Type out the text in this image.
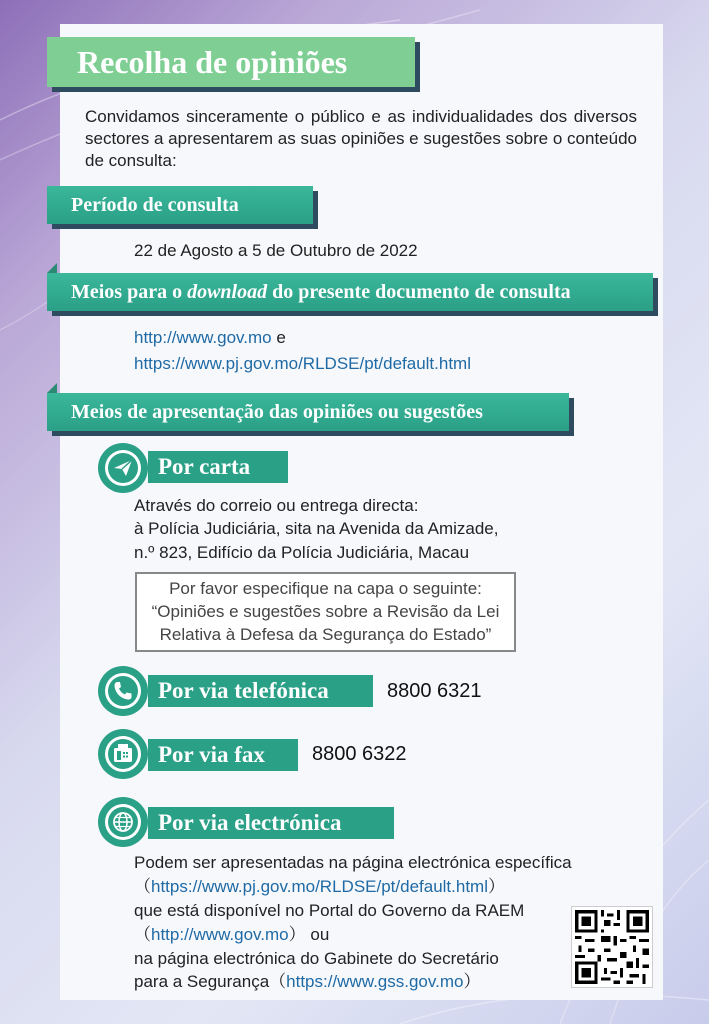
Recolha de opiniões
Convidamos sinceramente o público e as individualidades dos diversos sectores a apresentarem as suas opiniões e sugestões sobre o conteúdo de consulta:
Período de consulta
22 de Agosto a 5 de Outubro de 2022
Meios para o download do presente documento de consulta
http://www.gov.mo e
https://www.pj.gov.mo/RLDSE/pt/default.html
Meios de apresentação das opiniões ou sugestões
Por carta
Através do correio ou entrega directa:
à Polícia Judiciária, sita na Avenida da Amizade,
n.º 823, Edifício da Polícia Judiciária, Macau
Por favor especifique na capa o seguinte:
“Opiniões e sugestões sobre a Revisão da Lei
Relativa à Defesa da Segurança do Estado”
Por via telefónica	8800 6321
Por via fax	8800 6322
Por via electrónica
Podem ser apresentadas na página electrónica específica
（https://www.pj.gov.mo/RLDSE/pt/default.html）
que está disponível no Portal do Governo da RAEM
（http://www.gov.mo） ou
na página electrónica do Gabinete do Secretário
para a Segurança（https://www.gss.gov.mo）
